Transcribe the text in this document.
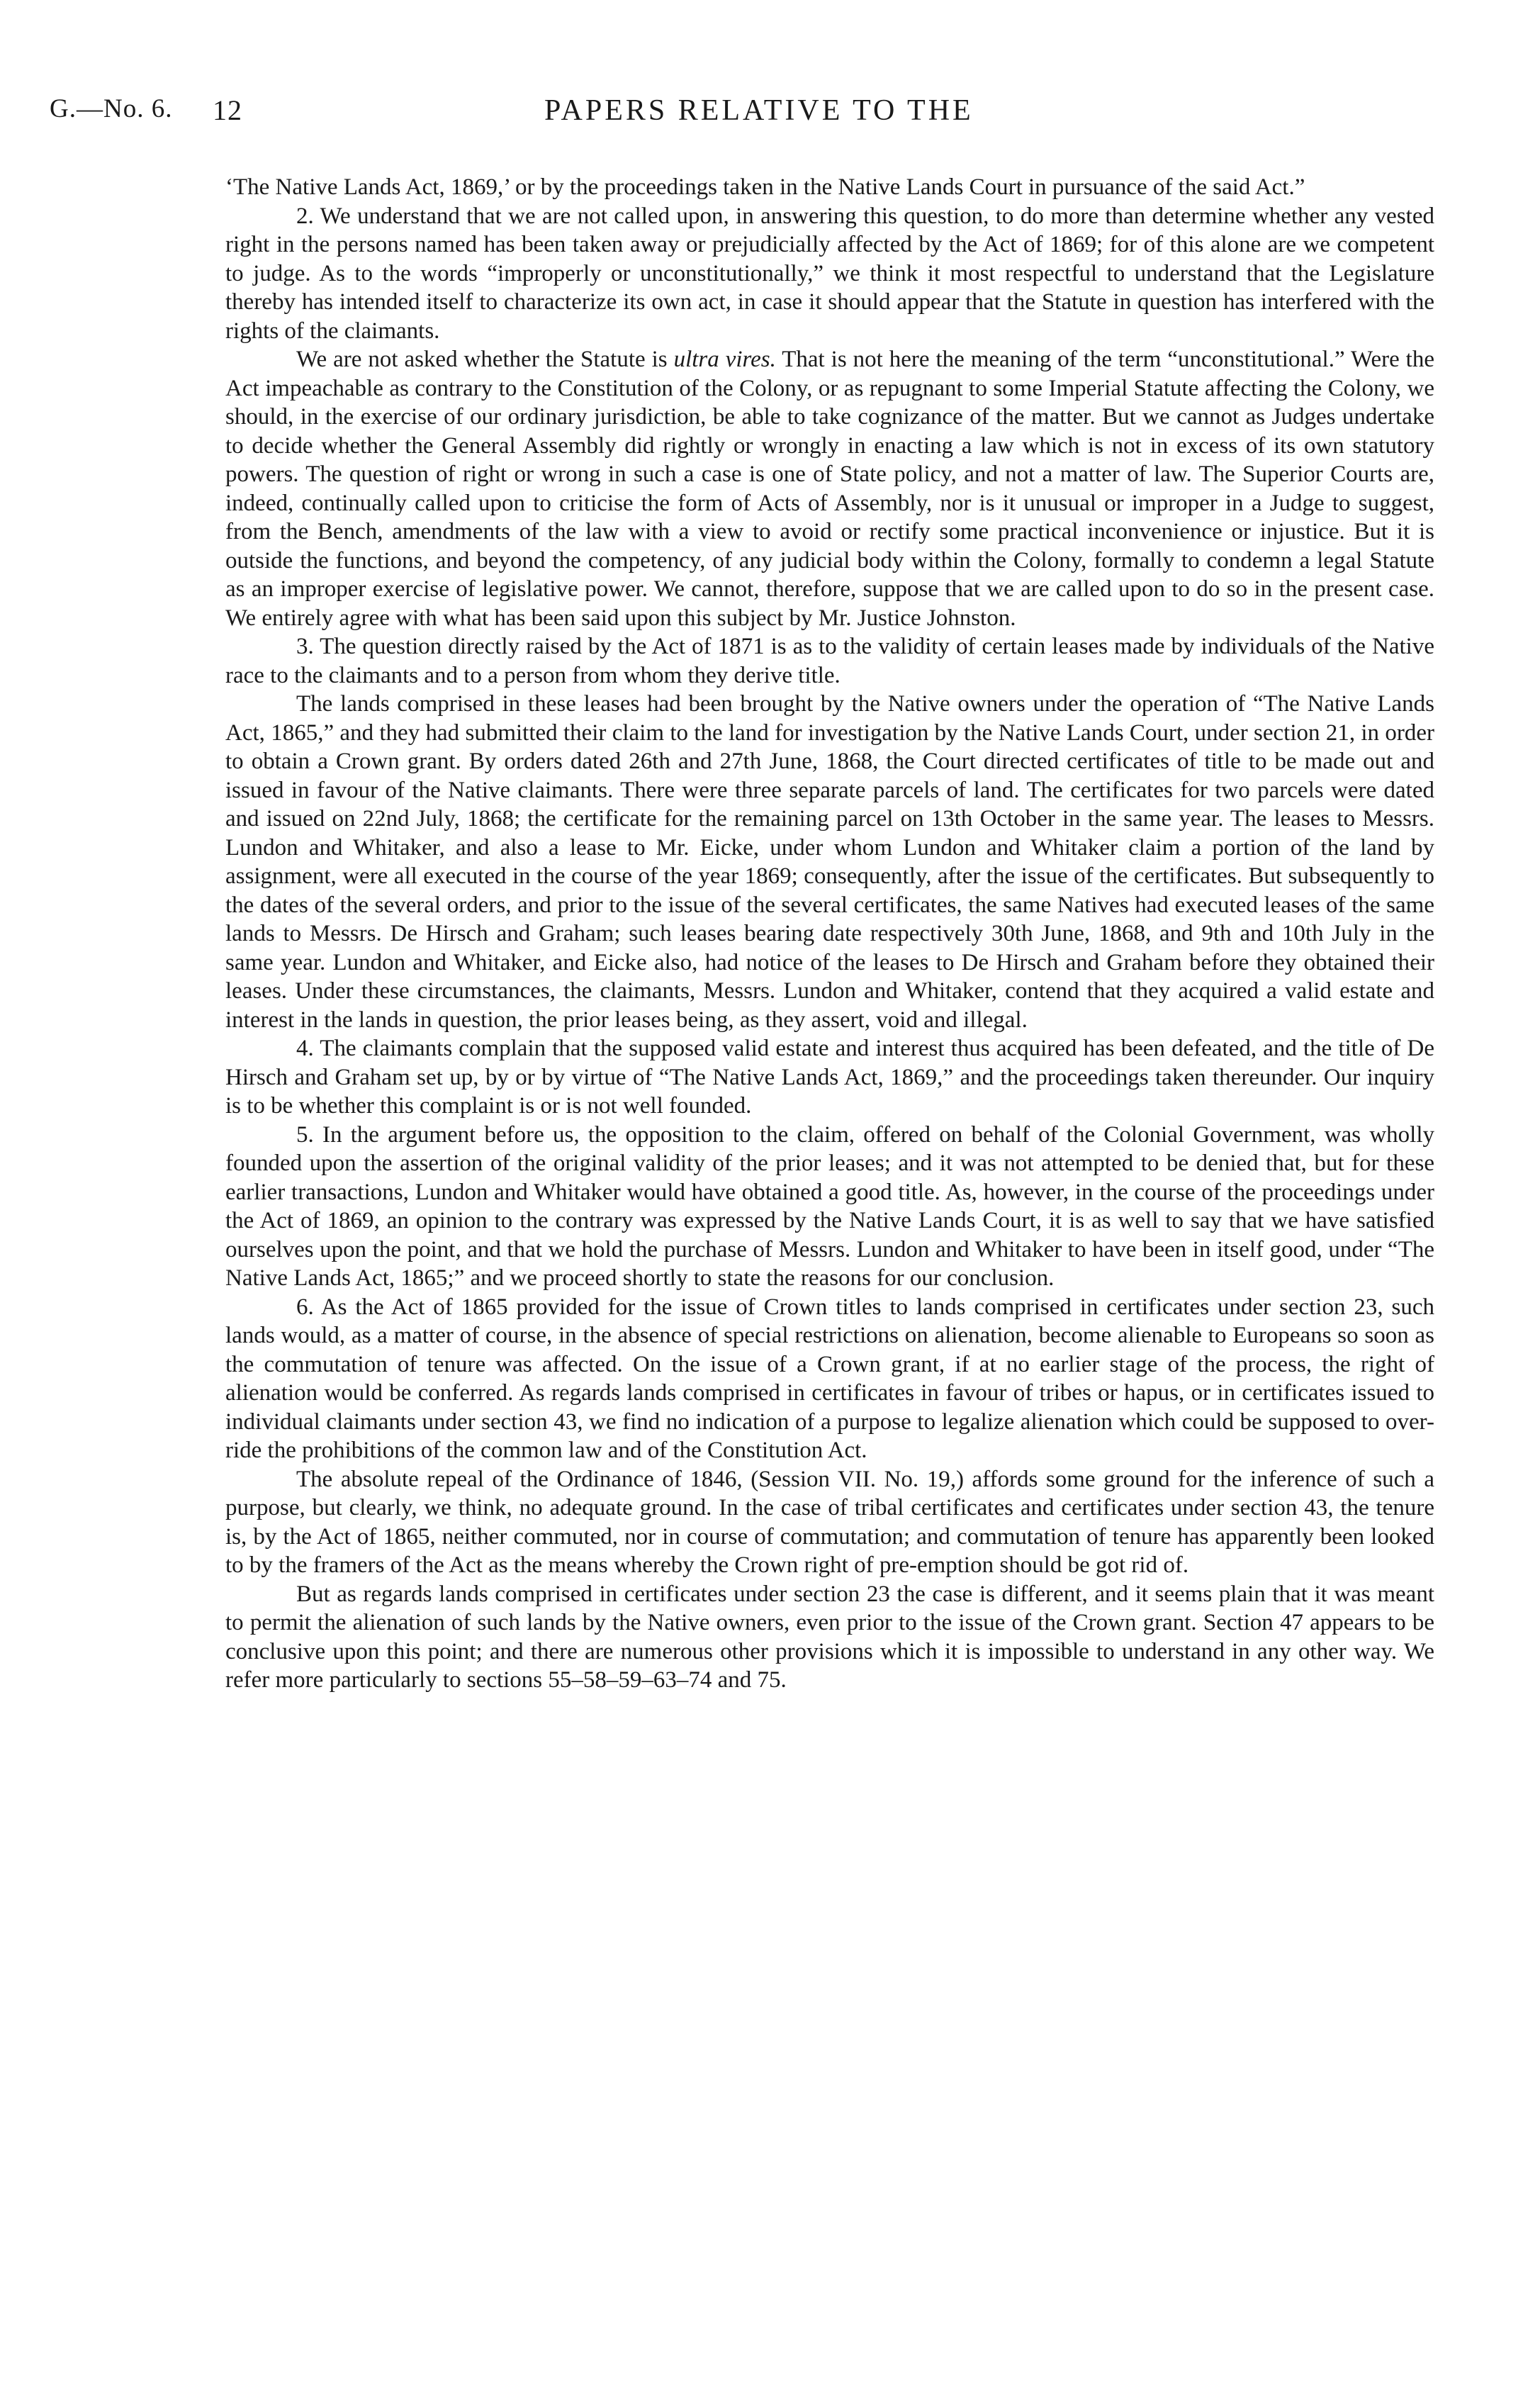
G.—No. 6. 12	PAPERS RELATIVE TO THE

‘The Native Lands Act, 1869,’ or by the proceedings taken in the Native Lands Court in pursuance of the said Act.”

2. We understand that we are not called upon, in answering this question, to do more than determine whether any vested right in the persons named has been taken away or prejudicially affected by the Act of 1869; for of this alone are we competent to judge. As to the words “improperly or unconstitutionally,” we think it most respectful to understand that the Legislature thereby has intended itself to characterize its own act, in case it should appear that the Statute in question has interfered with the rights of the claimants.

We are not asked whether the Statute is ultra vires. That is not here the meaning of the term “unconstitutional.” Were the Act impeachable as contrary to the Constitution of the Colony, or as repugnant to some Imperial Statute affecting the Colony, we should, in the exercise of our ordinary jurisdiction, be able to take cognizance of the matter. But we cannot as Judges undertake to decide whether the General Assembly did rightly or wrongly in enacting a law which is not in excess of its own statutory powers. The question of right or wrong in such a case is one of State policy, and not a matter of law. The Superior Courts are, indeed, continually called upon to criticise the form of Acts of Assembly, nor is it unusual or improper in a Judge to suggest, from the Bench, amendments of the law with a view to avoid or rectify some practical inconvenience or injustice. But it is outside the functions, and beyond the competency, of any judicial body within the Colony, formally to condemn a legal Statute as an improper exercise of legislative power. We cannot, therefore, suppose that we are called upon to do so in the present case. We entirely agree with what has been said upon this subject by Mr. Justice Johnston.

3. The question directly raised by the Act of 1871 is as to the validity of certain leases made by individuals of the Native race to the claimants and to a person from whom they derive title.

The lands comprised in these leases had been brought by the Native owners under the operation of “The Native Lands Act, 1865,” and they had submitted their claim to the land for investigation by the Native Lands Court, under section 21, in order to obtain a Crown grant. By orders dated 26th and 27th June, 1868, the Court directed certificates of title to be made out and issued in favour of the Native claimants. There were three separate parcels of land. The certificates for two parcels were dated and issued on 22nd July, 1868; the certificate for the remaining parcel on 13th October in the same year. The leases to Messrs. Lundon and Whitaker, and also a lease to Mr. Eicke, under whom Lundon and Whitaker claim a portion of the land by assignment, were all executed in the course of the year 1869; consequently, after the issue of the certificates. But subsequently to the dates of the several orders, and prior to the issue of the several certificates, the same Natives had executed leases of the same lands to Messrs. De Hirsch and Graham; such leases bearing date respectively 30th June, 1868, and 9th and 10th July in the same year. Lundon and Whitaker, and Eicke also, had notice of the leases to De Hirsch and Graham before they obtained their leases. Under these circumstances, the claimants, Messrs. Lundon and Whitaker, contend that they acquired a valid estate and interest in the lands in question, the prior leases being, as they assert, void and illegal.

4. The claimants complain that the supposed valid estate and interest thus acquired has been defeated, and the title of De Hirsch and Graham set up, by or by virtue of “The Native Lands Act, 1869,” and the proceedings taken thereunder. Our inquiry is to be whether this complaint is or is not well founded.

5. In the argument before us, the opposition to the claim, offered on behalf of the Colonial Government, was wholly founded upon the assertion of the original validity of the prior leases; and it was not attempted to be denied that, but for these earlier transactions, Lundon and Whitaker would have obtained a good title. As, however, in the course of the proceedings under the Act of 1869, an opinion to the contrary was expressed by the Native Lands Court, it is as well to say that we have satisfied ourselves upon the point, and that we hold the purchase of Messrs. Lundon and Whitaker to have been in itself good, under “The Native Lands Act, 1865;” and we proceed shortly to state the reasons for our conclusion.

6. As the Act of 1865 provided for the issue of Crown titles to lands comprised in certificates under section 23, such lands would, as a matter of course, in the absence of special restrictions on alienation, become alienable to Europeans so soon as the commutation of tenure was affected. On the issue of a Crown grant, if at no earlier stage of the process, the right of alienation would be conferred. As regards lands comprised in certificates in favour of tribes or hapus, or in certificates issued to individual claimants under section 43, we find no indication of a purpose to legalize alienation which could be supposed to over-ride the prohibitions of the common law and of the Constitution Act.

The absolute repeal of the Ordinance of 1846, (Session VII. No. 19,) affords some ground for the inference of such a purpose, but clearly, we think, no adequate ground. In the case of tribal certificates and certificates under section 43, the tenure is, by the Act of 1865, neither commuted, nor in course of commutation; and commutation of tenure has apparently been looked to by the framers of the Act as the means whereby the Crown right of pre-emption should be got rid of.

But as regards lands comprised in certificates under section 23 the case is different, and it seems plain that it was meant to permit the alienation of such lands by the Native owners, even prior to the issue of the Crown grant. Section 47 appears to be conclusive upon this point; and there are numerous other provisions which it is impossible to understand in any other way. We refer more particularly to sections 55–58–59–63–74 and 75.
